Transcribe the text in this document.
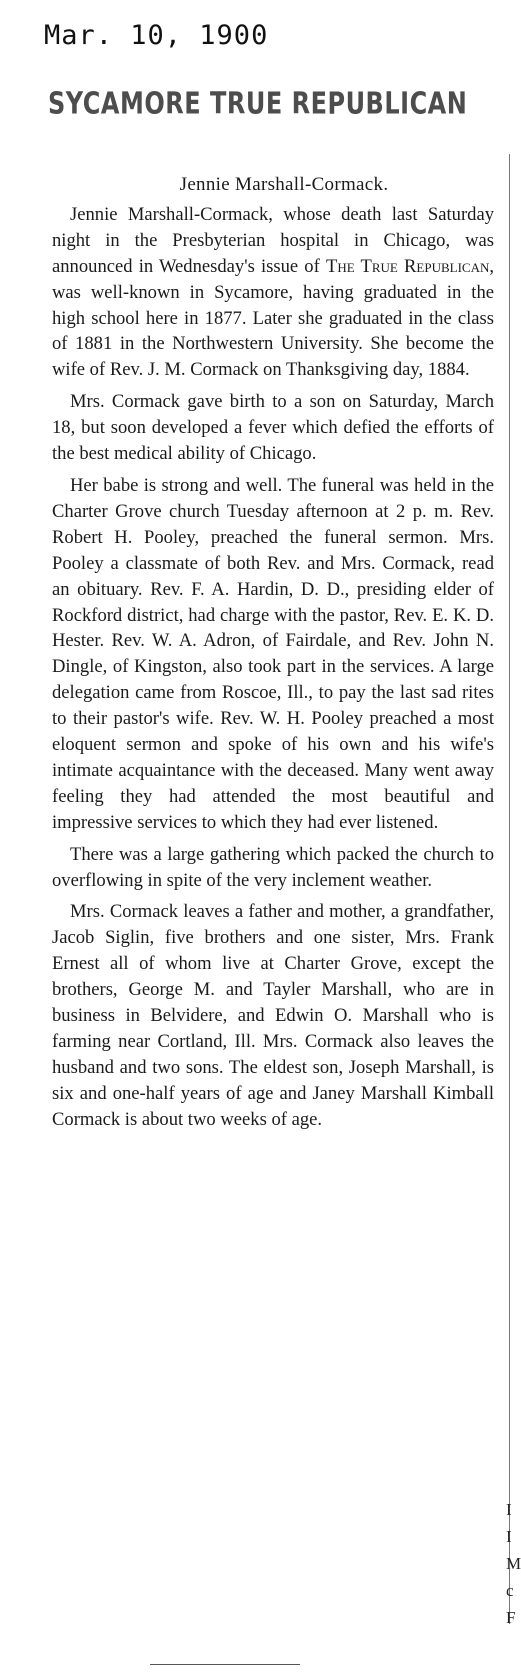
Mar. 10, 1900
SYCAMORE TRUE REPUBLICAN
Jennie Marshall-Cormack.

Jennie Marshall-Cormack, whose death last Saturday night in the Presbyterian hospital in Chicago, was announced in Wednesday's issue of The True Republican, was well-known in Sycamore, having graduated in the high school here in 1877. Later she graduated in the class of 1881 in the Northwestern University. She become the wife of Rev. J. M. Cormack on Thanksgiving day, 1884.

Mrs. Cormack gave birth to a son on Saturday, March 18, but soon developed a fever which defied the efforts of the best medical ability of Chicago.

Her babe is strong and well. The funeral was held in the Charter Grove church Tuesday afternoon at 2 p. m. Rev. Robert H. Pooley, preached the funeral sermon. Mrs. Pooley a classmate of both Rev. and Mrs. Cormack, read an obituary. Rev. F. A. Hardin, D. D., presiding elder of Rockford district, had charge with the pastor, Rev. E. K. D. Hester. Rev. W. A. Adron, of Fairdale, and Rev. John N. Dingle, of Kingston, also took part in the services. A large delegation came from Roscoe, Ill., to pay the last sad rites to their pastor's wife. Rev. W. H. Pooley preached a most eloquent sermon and spoke of his own and his wife's intimate acquaintance with the deceased. Many went away feeling they had attended the most beautiful and impressive services to which they had ever listened.

There was a large gathering which packed the church to overflowing in spite of the very inclement weather.

Mrs. Cormack leaves a father and mother, a grandfather, Jacob Siglin, five brothers and one sister, Mrs. Frank Ernest all of whom live at Charter Grove, except the brothers, George M. and Tayler Marshall, who are in business in Belvidere, and Edwin O. Marshall who is farming near Cortland, Ill. Mrs. Cormack also leaves the husband and two sons. The eldest son, Joseph Marshall, is six and one-half years of age and Janey Marshall Kimball Cormack is about two weeks of age.

I
I
M
c
F
